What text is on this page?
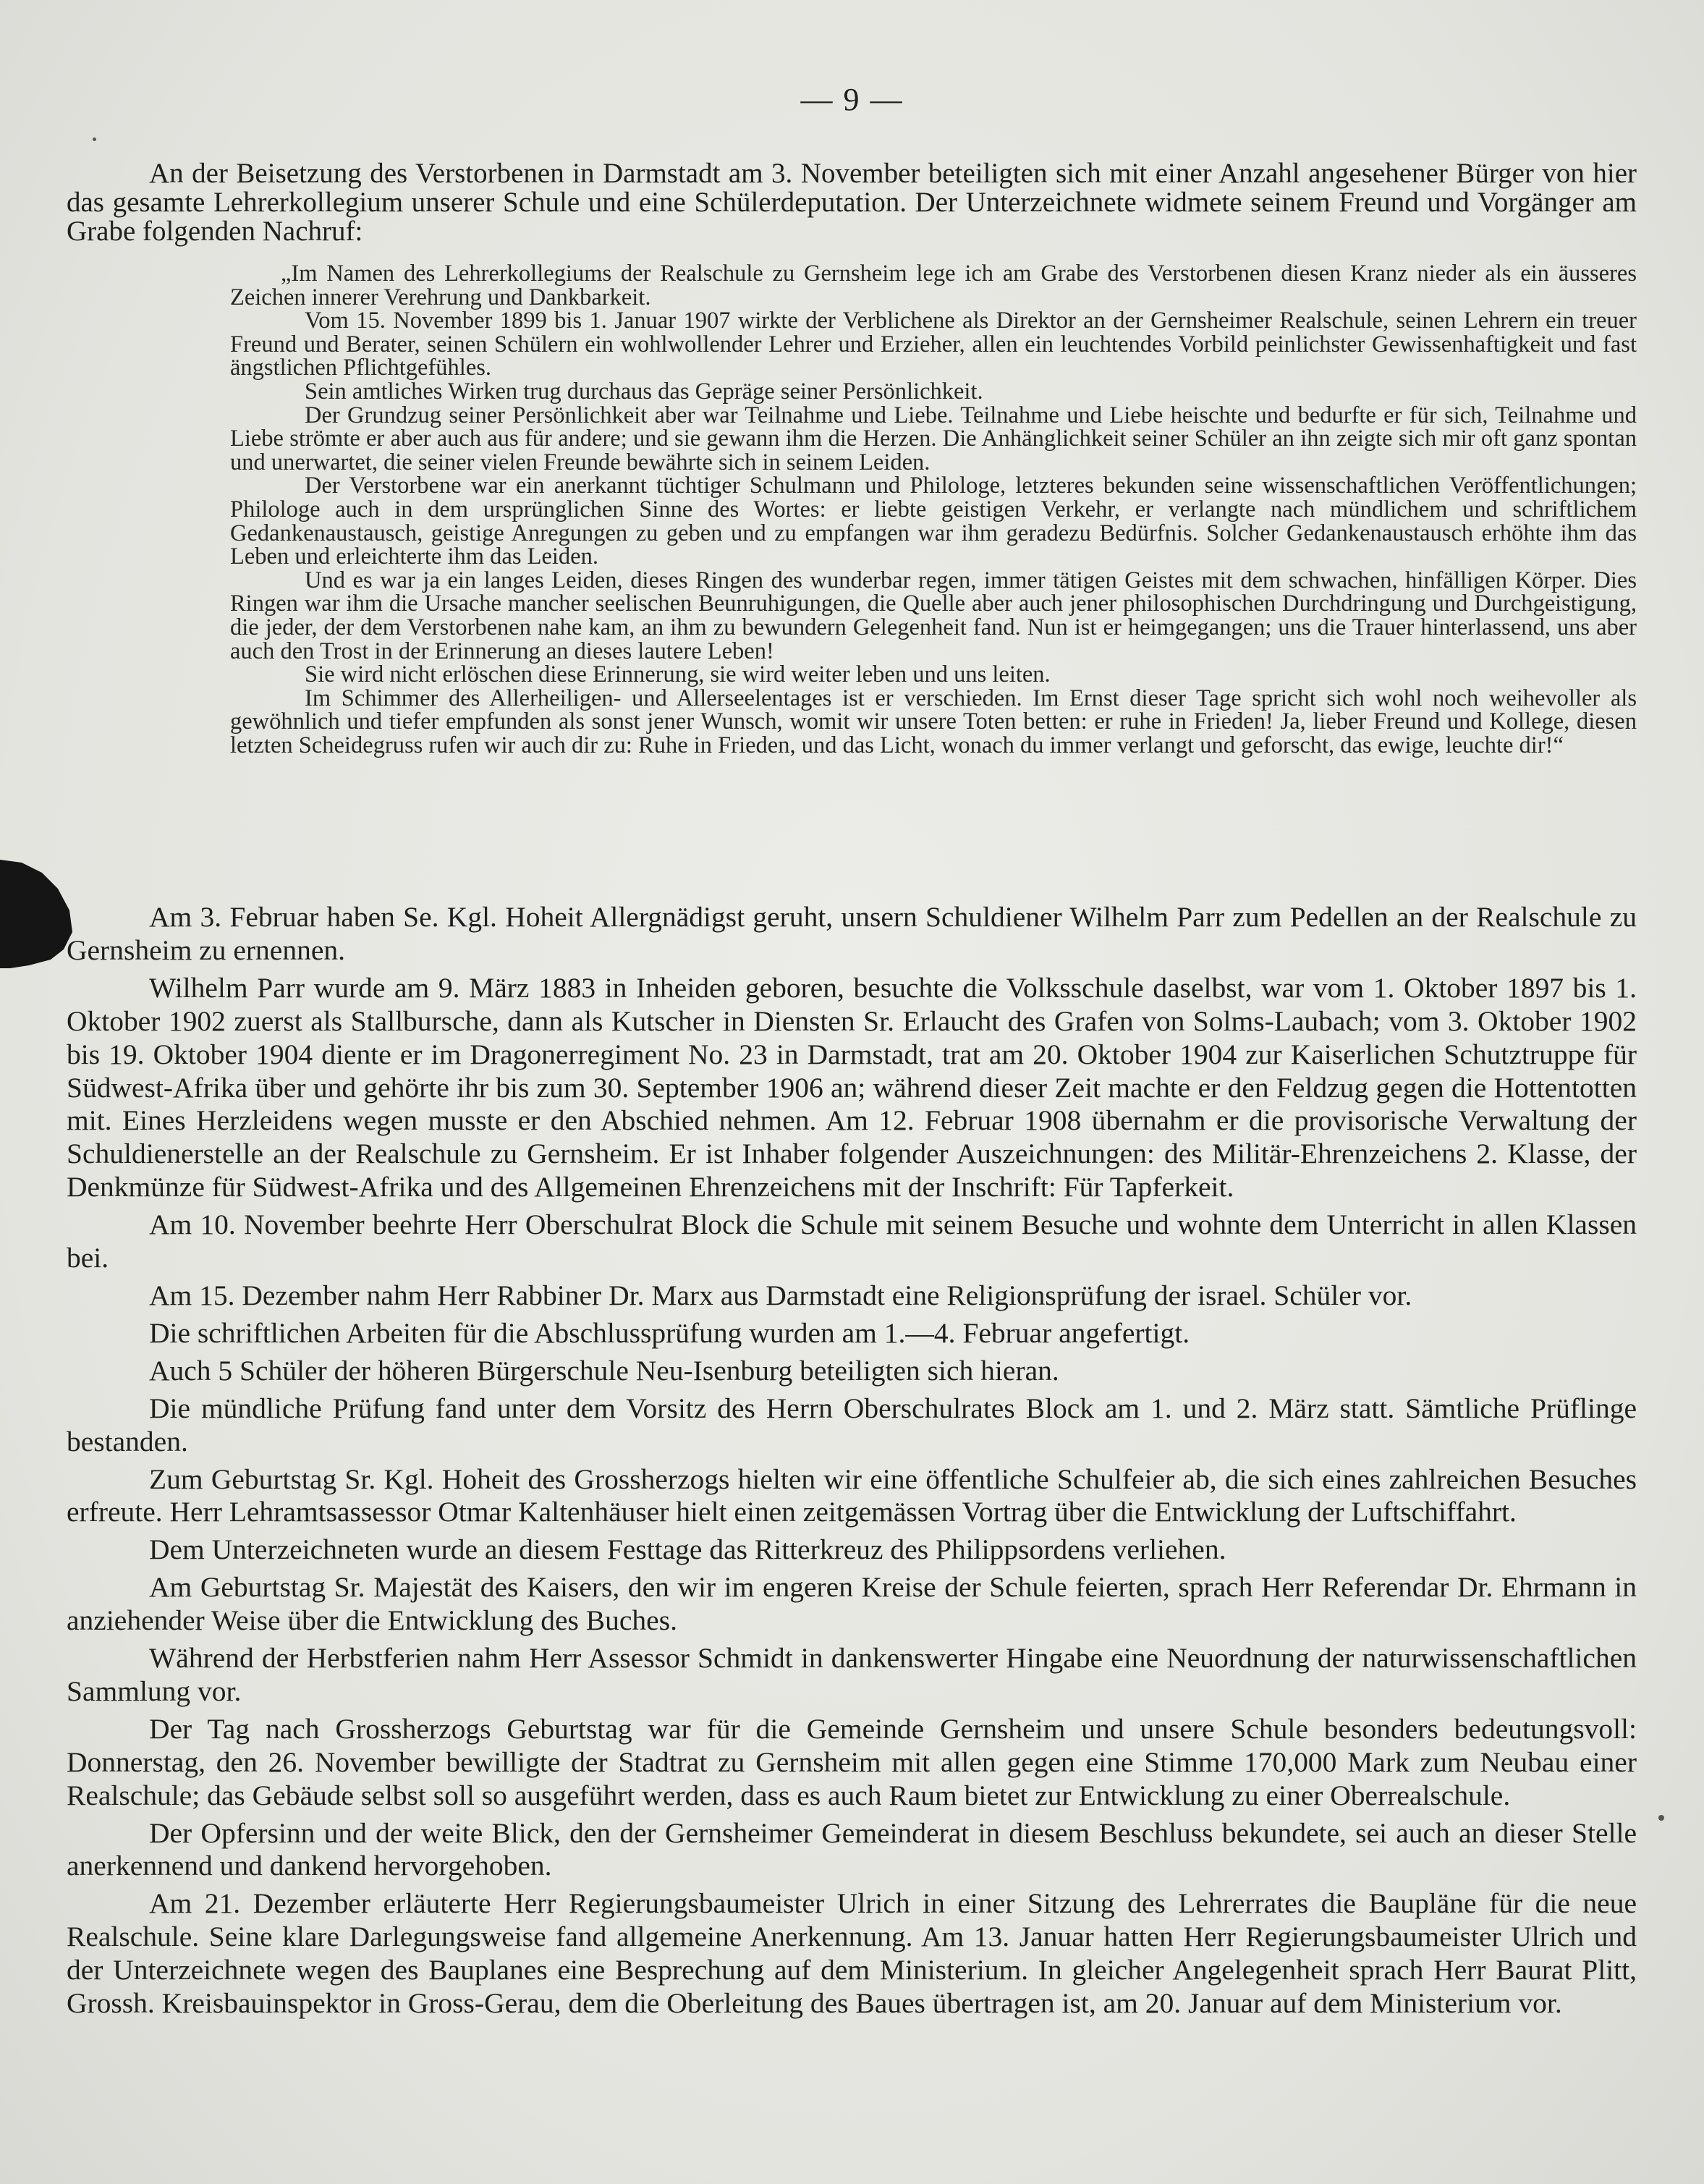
— 9 —

An der Beisetzung des Verstorbenen in Darmstadt am 3. November beteiligten sich mit einer Anzahl angesehener Bürger von hier das gesamte Lehrerkollegium unserer Schule und eine Schülerdeputation. Der Unterzeichnete widmete seinem Freund und Vorgänger am Grabe folgenden Nachruf:

„Im Namen des Lehrerkollegiums der Realschule zu Gernsheim lege ich am Grabe des Verstorbenen diesen Kranz nieder als ein äusseres Zeichen innerer Verehrung und Dankbarkeit.

Vom 15. November 1899 bis 1. Januar 1907 wirkte der Verblichene als Direktor an der Gernsheimer Realschule, seinen Lehrern ein treuer Freund und Berater, seinen Schülern ein wohlwollender Lehrer und Erzieher, allen ein leuchtendes Vorbild peinlichster Gewissenhaftigkeit und fast ängstlichen Pflichtgefühles.

Sein amtliches Wirken trug durchaus das Gepräge seiner Persönlichkeit.

Der Grundzug seiner Persönlichkeit aber war Teilnahme und Liebe. Teilnahme und Liebe heischte und bedurfte er für sich, Teilnahme und Liebe strömte er aber auch aus für andere; und sie gewann ihm die Herzen. Die Anhänglichkeit seiner Schüler an ihn zeigte sich mir oft ganz spontan und unerwartet, die seiner vielen Freunde bewährte sich in seinem Leiden.

Der Verstorbene war ein anerkannt tüchtiger Schulmann und Philologe, letzteres bekunden seine wissenschaftlichen Veröffentlichungen; Philologe auch in dem ursprünglichen Sinne des Wortes: er liebte geistigen Verkehr, er verlangte nach mündlichem und schriftlichem Gedankenaustausch, geistige Anregungen zu geben und zu empfangen war ihm geradezu Bedürfnis. Solcher Gedankenaustausch erhöhte ihm das Leben und erleichterte ihm das Leiden.

Und es war ja ein langes Leiden, dieses Ringen des wunderbar regen, immer tätigen Geistes mit dem schwachen, hinfälligen Körper. Dies Ringen war ihm die Ursache mancher seelischen Beunruhigungen, die Quelle aber auch jener philosophischen Durchdringung und Durchgeistigung, die jeder, der dem Verstorbenen nahe kam, an ihm zu bewundern Gelegenheit fand. Nun ist er heimgegangen; uns die Trauer hinterlassend, uns aber auch den Trost in der Erinnerung an dieses lautere Leben!

Sie wird nicht erlöschen diese Erinnerung, sie wird weiter leben und uns leiten.

Im Schimmer des Allerheiligen- und Allerseelentages ist er verschieden. Im Ernst dieser Tage spricht sich wohl noch weihevoller als gewöhnlich und tiefer empfunden als sonst jener Wunsch, womit wir unsere Toten betten: er ruhe in Frieden! Ja, lieber Freund und Kollege, diesen letzten Scheidegruss rufen wir auch dir zu: Ruhe in Frieden, und das Licht, wonach du immer verlangt und geforscht, das ewige, leuchte dir!“

Am 3. Februar haben Se. Kgl. Hoheit Allergnädigst geruht, unsern Schuldiener Wilhelm Parr zum Pedellen an der Realschule zu Gernsheim zu ernennen.

Wilhelm Parr wurde am 9. März 1883 in Inheiden geboren, besuchte die Volksschule daselbst, war vom 1. Oktober 1897 bis 1. Oktober 1902 zuerst als Stallbursche, dann als Kutscher in Diensten Sr. Erlaucht des Grafen von Solms-Laubach; vom 3. Oktober 1902 bis 19. Oktober 1904 diente er im Dragonerregiment No. 23 in Darmstadt, trat am 20. Oktober 1904 zur Kaiserlichen Schutztruppe für Südwest-Afrika über und gehörte ihr bis zum 30. September 1906 an; während dieser Zeit machte er den Feldzug gegen die Hottentotten mit. Eines Herzleidens wegen musste er den Abschied nehmen. Am 12. Februar 1908 übernahm er die provisorische Verwaltung der Schuldienerstelle an der Realschule zu Gernsheim. Er ist Inhaber folgender Auszeichnungen: des Militär-Ehrenzeichens 2. Klasse, der Denkmünze für Südwest-Afrika und des Allgemeinen Ehrenzeichens mit der Inschrift: Für Tapferkeit.

Am 10. November beehrte Herr Oberschulrat Block die Schule mit seinem Besuche und wohnte dem Unterricht in allen Klassen bei.

Am 15. Dezember nahm Herr Rabbiner Dr. Marx aus Darmstadt eine Religionsprüfung der israel. Schüler vor.

Die schriftlichen Arbeiten für die Abschlussprüfung wurden am 1.—4. Februar angefertigt.

Auch 5 Schüler der höheren Bürgerschule Neu-Isenburg beteiligten sich hieran.

Die mündliche Prüfung fand unter dem Vorsitz des Herrn Oberschulrates Block am 1. und 2. März statt. Sämtliche Prüflinge bestanden.

Zum Geburtstag Sr. Kgl. Hoheit des Grossherzogs hielten wir eine öffentliche Schulfeier ab, die sich eines zahlreichen Besuches erfreute. Herr Lehramtsassessor Otmar Kaltenhäuser hielt einen zeitgemässen Vortrag über die Entwicklung der Luftschiffahrt.

Dem Unterzeichneten wurde an diesem Festtage das Ritterkreuz des Philippsordens verliehen.

Am Geburtstag Sr. Majestät des Kaisers, den wir im engeren Kreise der Schule feierten, sprach Herr Referendar Dr. Ehrmann in anziehender Weise über die Entwicklung des Buches.

Während der Herbstferien nahm Herr Assessor Schmidt in dankenswerter Hingabe eine Neuordnung der naturwissenschaftlichen Sammlung vor.

Der Tag nach Grossherzogs Geburtstag war für die Gemeinde Gernsheim und unsere Schule besonders bedeutungsvoll: Donnerstag, den 26. November bewilligte der Stadtrat zu Gernsheim mit allen gegen eine Stimme 170,000 Mark zum Neubau einer Realschule; das Gebäude selbst soll so ausgeführt werden, dass es auch Raum bietet zur Entwicklung zu einer Oberrealschule.

Der Opfersinn und der weite Blick, den der Gernsheimer Gemeinderat in diesem Beschluss bekundete, sei auch an dieser Stelle anerkennend und dankend hervorgehoben.

Am 21. Dezember erläuterte Herr Regierungsbaumeister Ulrich in einer Sitzung des Lehrerrates die Baupläne für die neue Realschule. Seine klare Darlegungsweise fand allgemeine Anerkennung. Am 13. Januar hatten Herr Regierungsbaumeister Ulrich und der Unterzeichnete wegen des Bauplanes eine Besprechung auf dem Ministerium. In gleicher Angelegenheit sprach Herr Baurat Plitt, Grossh. Kreisbauinspektor in Gross-Gerau, dem die Oberleitung des Baues übertragen ist, am 20. Januar auf dem Ministerium vor.
